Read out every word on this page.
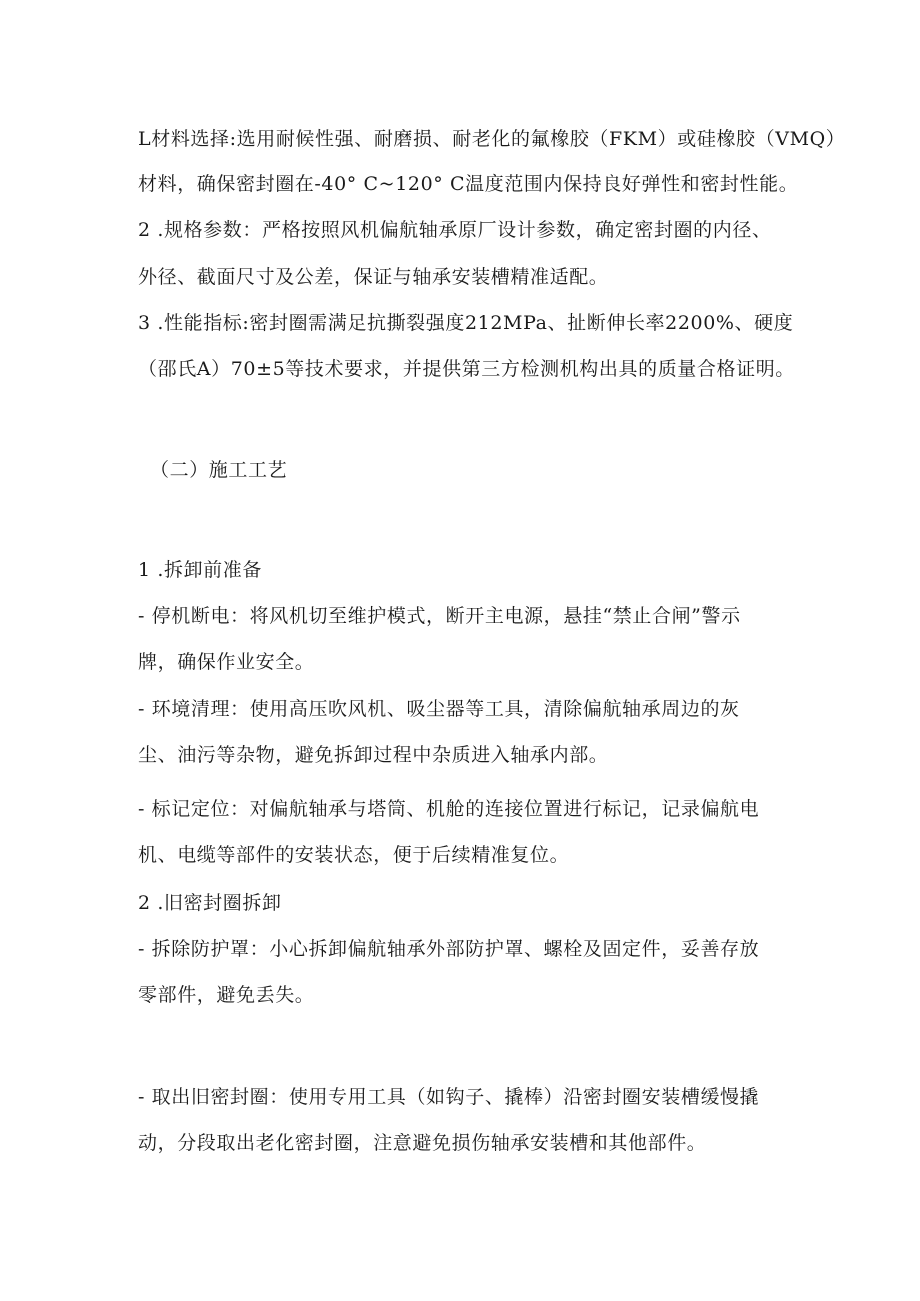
L材料选择:选用耐候性强、耐磨损、耐老化的氟橡胶（FKM）或硅橡胶（VMQ）
材料，确保密封圈在-40° C~120° C温度范围内保持良好弹性和密封性能。
2 .规格参数：严格按照风机偏航轴承原厂设计参数，确定密封圈的内径、
外径、截面尺寸及公差，保证与轴承安装槽精准适配。
3 .性能指标:密封圈需满足抗撕裂强度212MPa、扯断伸长率2200%、硬度
（邵氏A）70±5等技术要求，并提供第三方检测机构出具的质量合格证明。
（二）施工工艺
1 .拆卸前准备
- 停机断电：将风机切至维护模式，断开主电源，悬挂“禁止合闸”警示
牌，确保作业安全。
- 环境清理：使用高压吹风机、吸尘器等工具，清除偏航轴承周边的灰
尘、油污等杂物，避免拆卸过程中杂质进入轴承内部。
- 标记定位：对偏航轴承与塔筒、机舱的连接位置进行标记，记录偏航电
机、电缆等部件的安装状态，便于后续精准复位。
2 .旧密封圈拆卸
- 拆除防护罩：小心拆卸偏航轴承外部防护罩、螺栓及固定件，妥善存放
零部件，避免丢失。
- 取出旧密封圈：使用专用工具（如钩子、撬棒）沿密封圈安装槽缓慢撬
动，分段取出老化密封圈，注意避免损伤轴承安装槽和其他部件。
